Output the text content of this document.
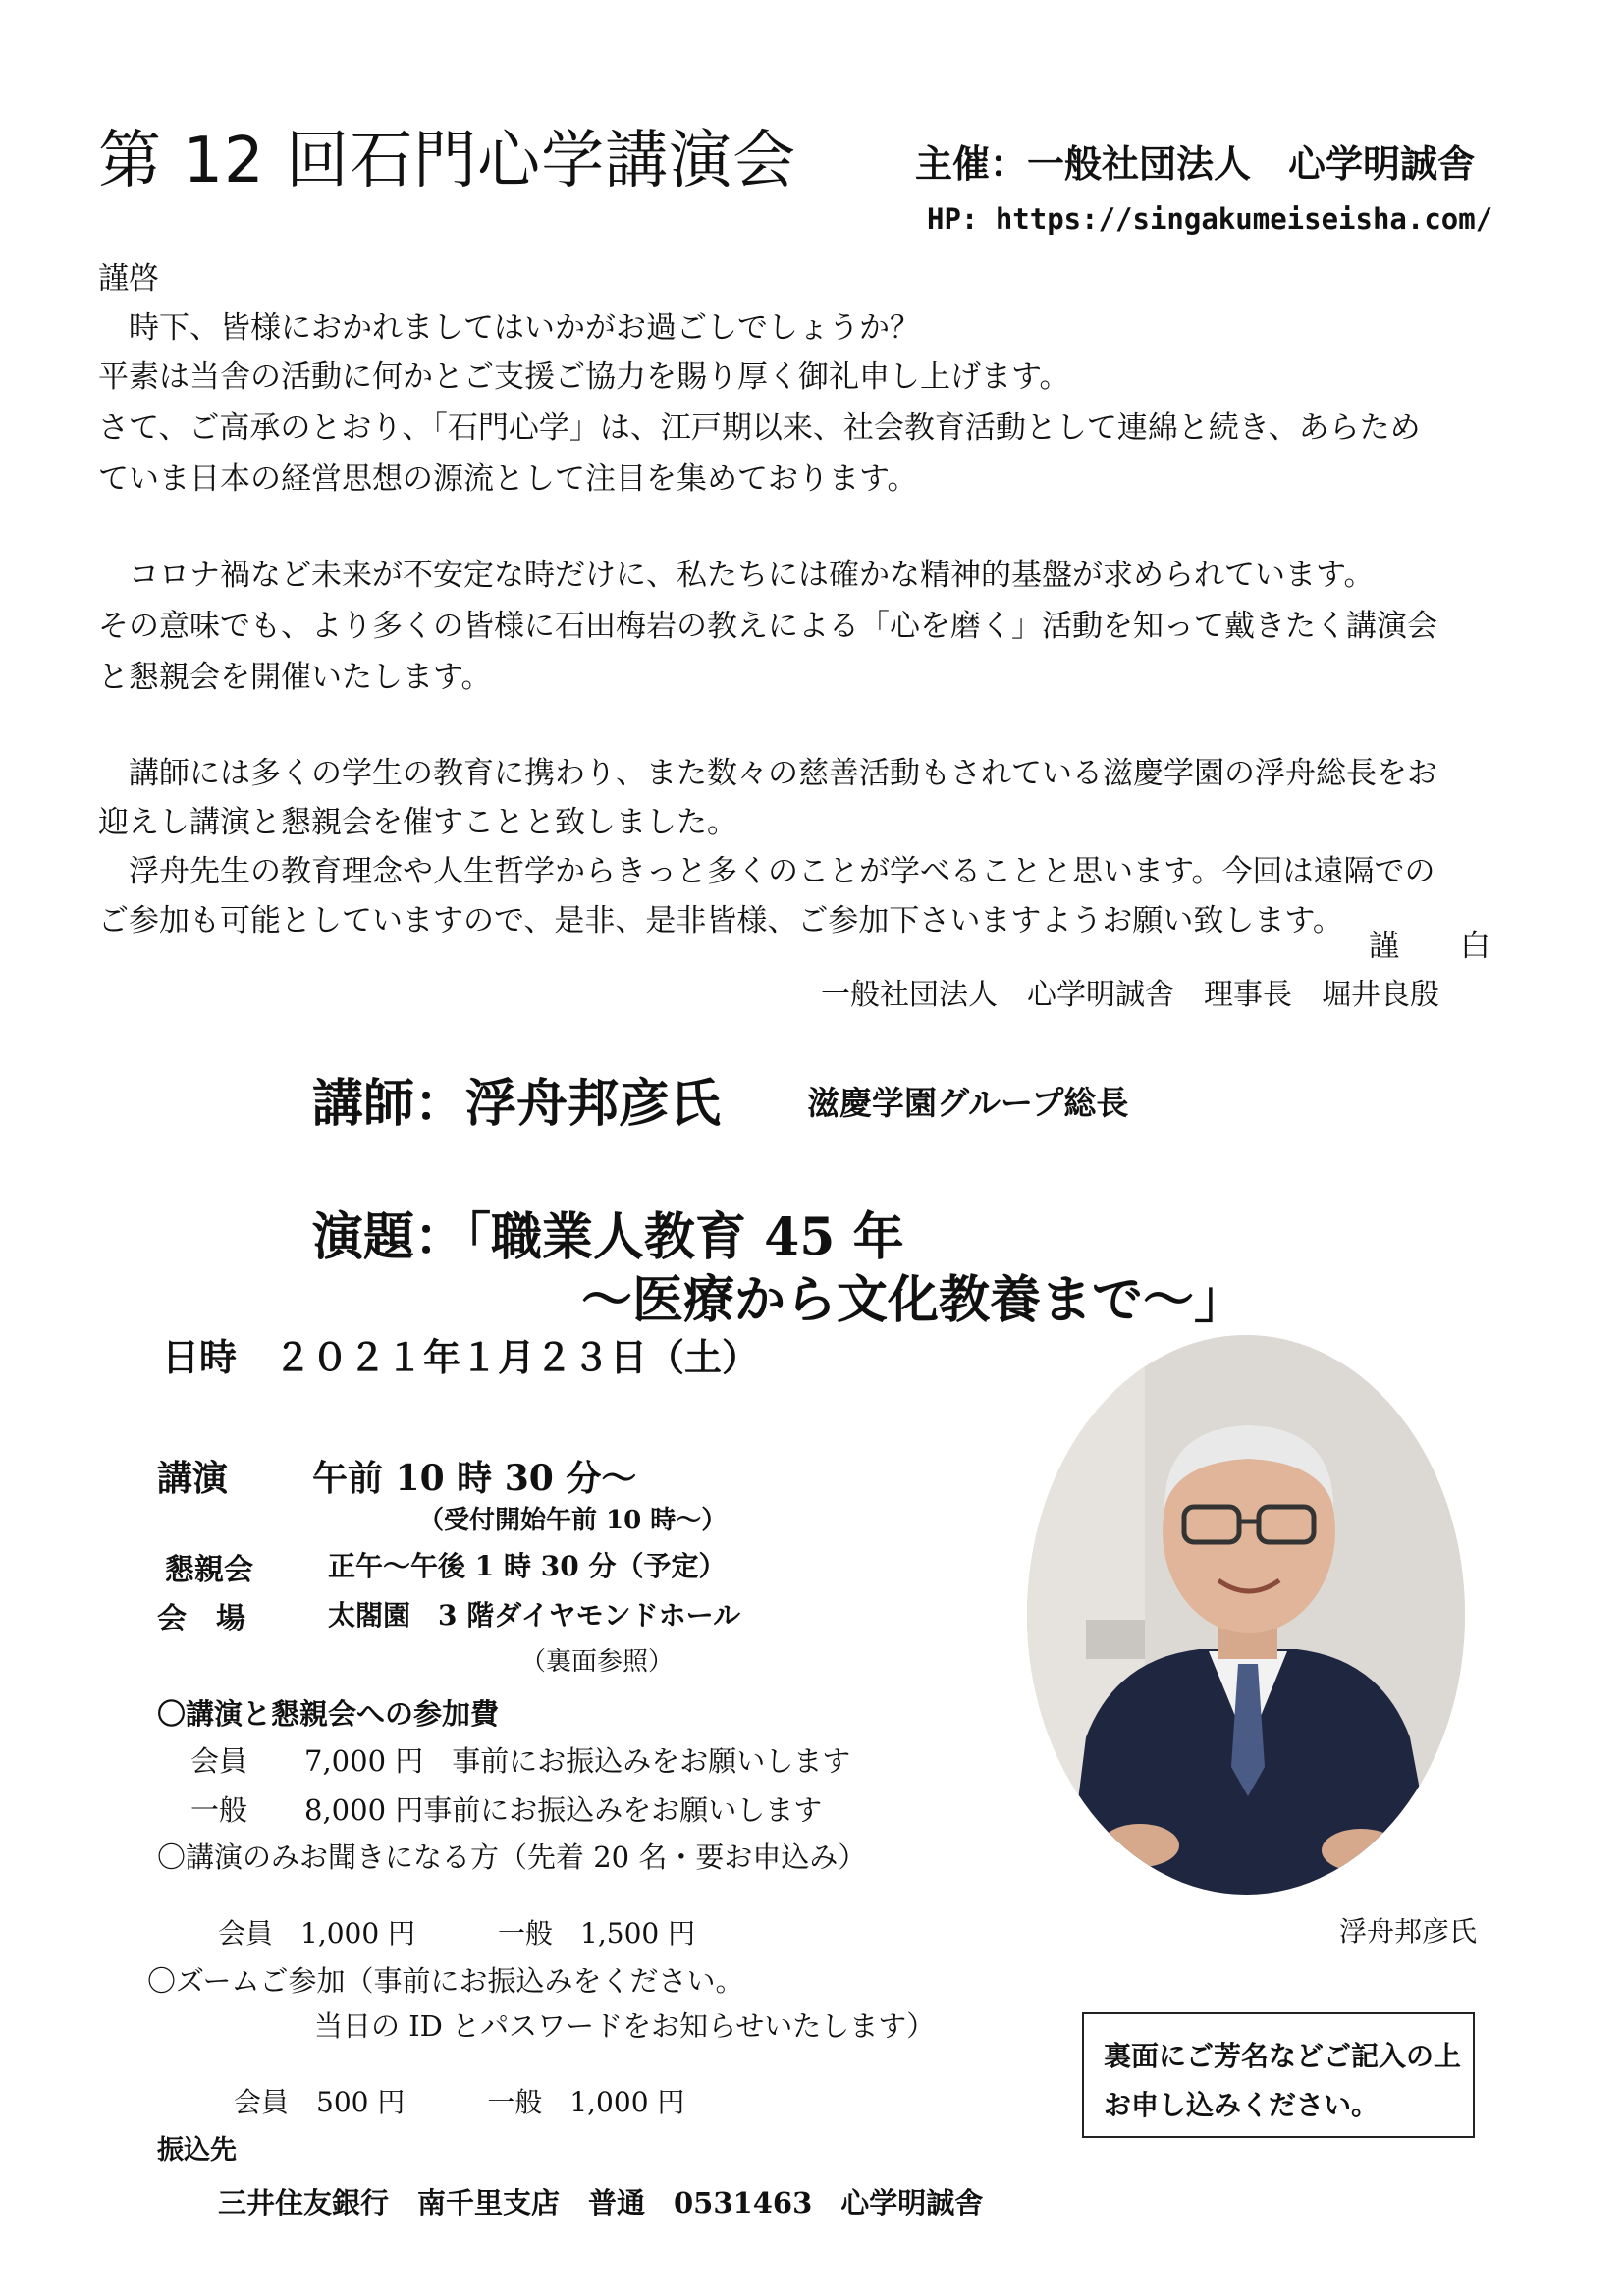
第 12 回石門心学講演会	主催：一般社団法人　心学明誠舎
HP: https://singakumeiseisha.com/
謹啓
　時下、皆様におかれましてはいかがお過ごしでしょうか？
平素は当舎の活動に何かとご支援ご協力を賜り厚く御礼申し上げます。
さて、ご高承のとおり、「石門心学」は、江戸期以来、社会教育活動として連綿と続き、あらため
ていま日本の経営思想の源流として注目を集めております。
　コロナ禍など未来が不安定な時だけに、私たちには確かな精神的基盤が求められています。
その意味でも、より多くの皆様に石田梅岩の教えによる「心を磨く」活動を知って戴きたく講演会
と懇親会を開催いたします。
　講師には多くの学生の教育に携わり、また数々の慈善活動もされている滋慶学園の浮舟総長をお
迎えし講演と懇親会を催すことと致しました。
　浮舟先生の教育理念や人生哲学からきっと多くのことが学べることと思います。今回は遠隔での
ご参加も可能としていますので、是非、是非皆様、ご参加下さいますようお願い致します。
謹　　白
一般社団法人　心学明誠舎　理事長　堀井良殷
講師：浮舟邦彦氏	滋慶学園グループ総長
演題：「職業人教育 45 年
～医療から文化教養まで～」
日時　２０２１年１月２３日（土）
講演 午前 10 時 30 分～
（受付開始午前 10 時～）
懇親会	正午～午後 1 時 30 分（予定）
会　場	太閤園　3 階ダイヤモンドホール
（裏面参照）
〇講演と懇親会への参加費
会員　　7,000 円　事前にお振込みをお願いします
一般　　8,000 円事前にお振込みをお願いします
〇講演のみお聞きになる方（先着 20 名・要お申込み）
会員　1,000 円　　　一般　1,500 円
〇ズームご参加（事前にお振込みをください。
当日の ID とパスワードをお知らせいたします）
会員　500 円　　　一般　1,000 円
振込先
三井住友銀行　南千里支店　普通　0531463　心学明誠舎
浮舟邦彦氏
裏面にご芳名などご記入の上
お申し込みください。
